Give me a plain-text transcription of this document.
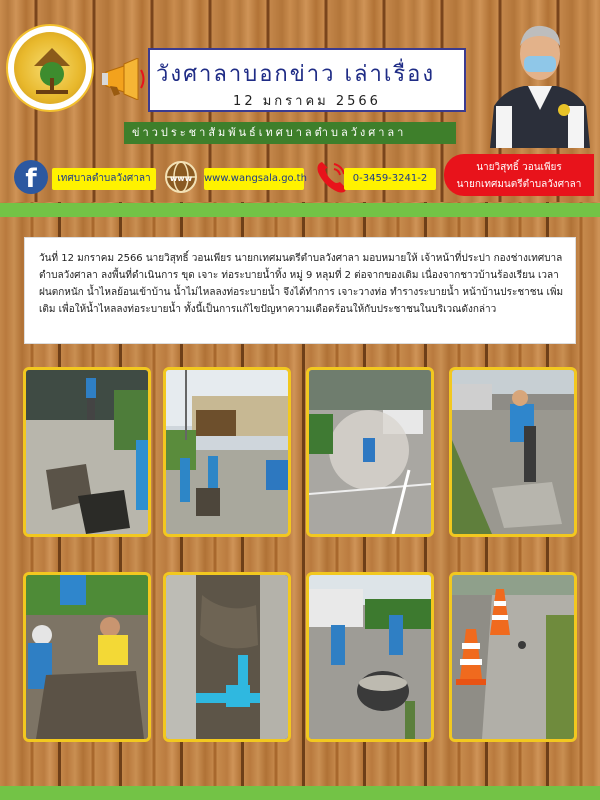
วังศาลาบอกข่าว เล่าเรื่อง
12 มกราคม 2566
ข่าวประชาสัมพันธ์เทศบาลตำบลวังศาลา
f	เทศบาลตำบลวังศาลา	www www.wangsala.go.th	0-3459-3241-2
นายวิสุทธิ์ วอนเพียร
นายกเทศมนตรีตำบลวังศาลา
วันที่ 12 มกราคม 2566 นายวิสุทธิ์ วอนเพียร นายกเทศมนตรีตำบลวังศาลา มอบหมายให้ เจ้าหน้าที่ประปา กองช่างเทศบาลตำบลวังศาลา ลงพื้นที่ดำเนินการ ขุด เจาะ ท่อระบายน้ำทิ้ง หมู่ 9 หลุมที่ 2 ต่อจากของเดิม เนื่องจากชาวบ้านร้องเรียน เวลาฝนตกหนัก น้ำไหลย้อนเข้าบ้าน น้ำไม่ไหลลงท่อระบายน้ำ จึงได้ทำการ เจาะวางท่อ ทำรางระบายน้ำ หน้าบ้านประชาชน เพิ่มเติม เพื่อให้น้ำไหลลงท่อระบายน้ำ ทั้งนี้เป็นการแก้ไขปัญหาความเดือดร้อนให้กับประชาชนในบริเวณดังกล่าว
